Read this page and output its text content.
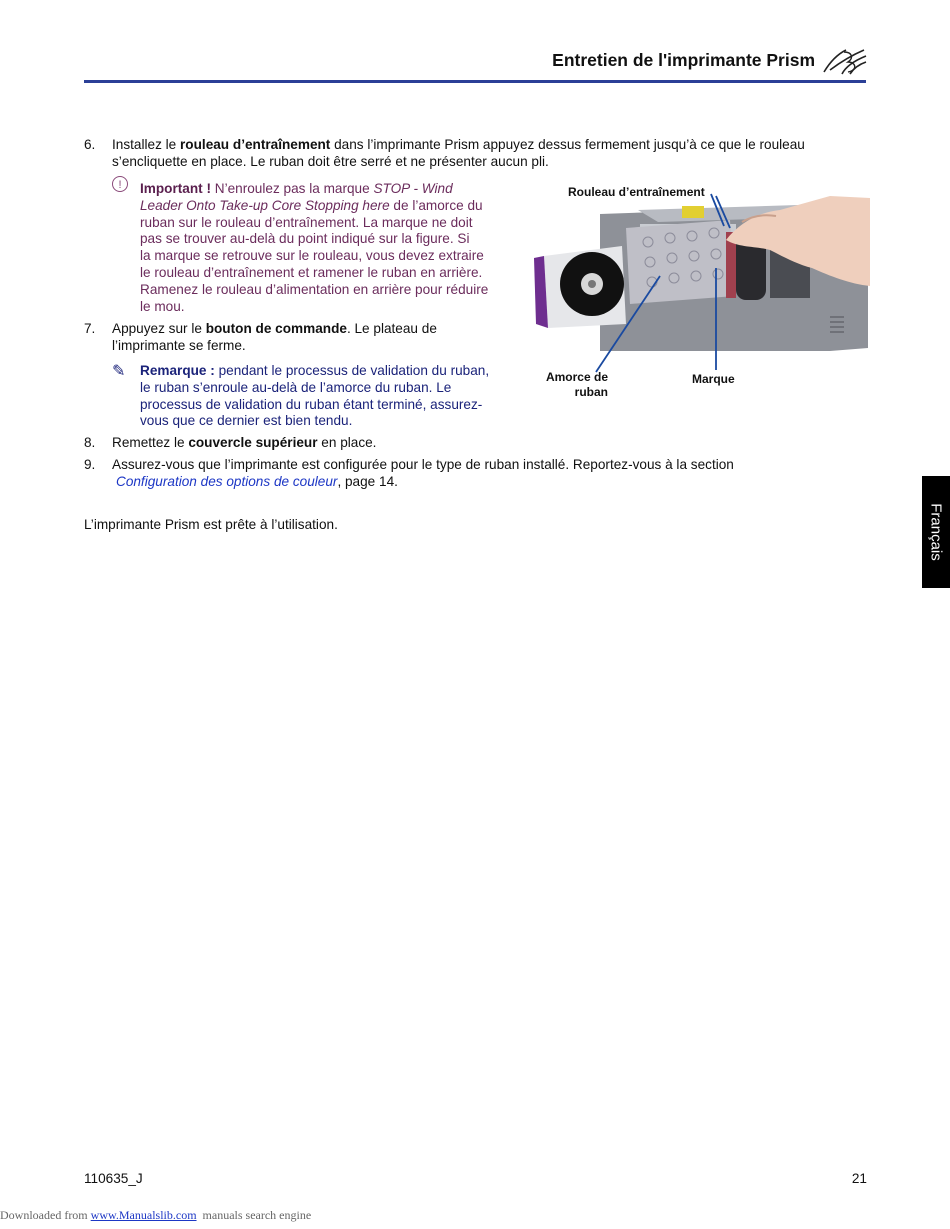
Entretien de l'imprimante Prism
6. Installez le rouleau d’entraînement dans l’imprimante Prism appuyez dessus fermement jusqu’à ce que le rouleau
s’encliquette en place. Le ruban doit être serré et ne présenter aucun pli.
!	Important ! N’enroulez pas la marque STOP - Wind
Leader Onto Take-up Core Stopping here de l’amorce du
ruban sur le rouleau d’entraînement. La marque ne doit
pas se trouver au-delà du point indiqué sur la figure. Si
la marque se retrouve sur le rouleau, vous devez extraire
le rouleau d’entraînement et ramener le ruban en arrière.
Ramenez le rouleau d’alimentation en arrière pour réduire
le mou.
7. Appuyez sur le bouton de commande. Le plateau de
l’imprimante se ferme.
✎ Remarque : pendant le processus de validation du ruban,
le ruban s’enroule au-delà de l’amorce du ruban. Le
processus de validation du ruban étant terminé, assurez-
vous que ce dernier est bien tendu.
Rouleau d’entraînement
Amorce de
ruban
Marque
8. Remettez le couvercle supérieur en place.
9. Assurez-vous que l’imprimante est configurée pour le type de ruban installé. Reportez-vous à la section
Configuration des options de couleur, page 14.
L’imprimante Prism est prête à l’utilisation.	Français
110635_J	21
Downloaded from www.Manualslib.com  manuals search engine
